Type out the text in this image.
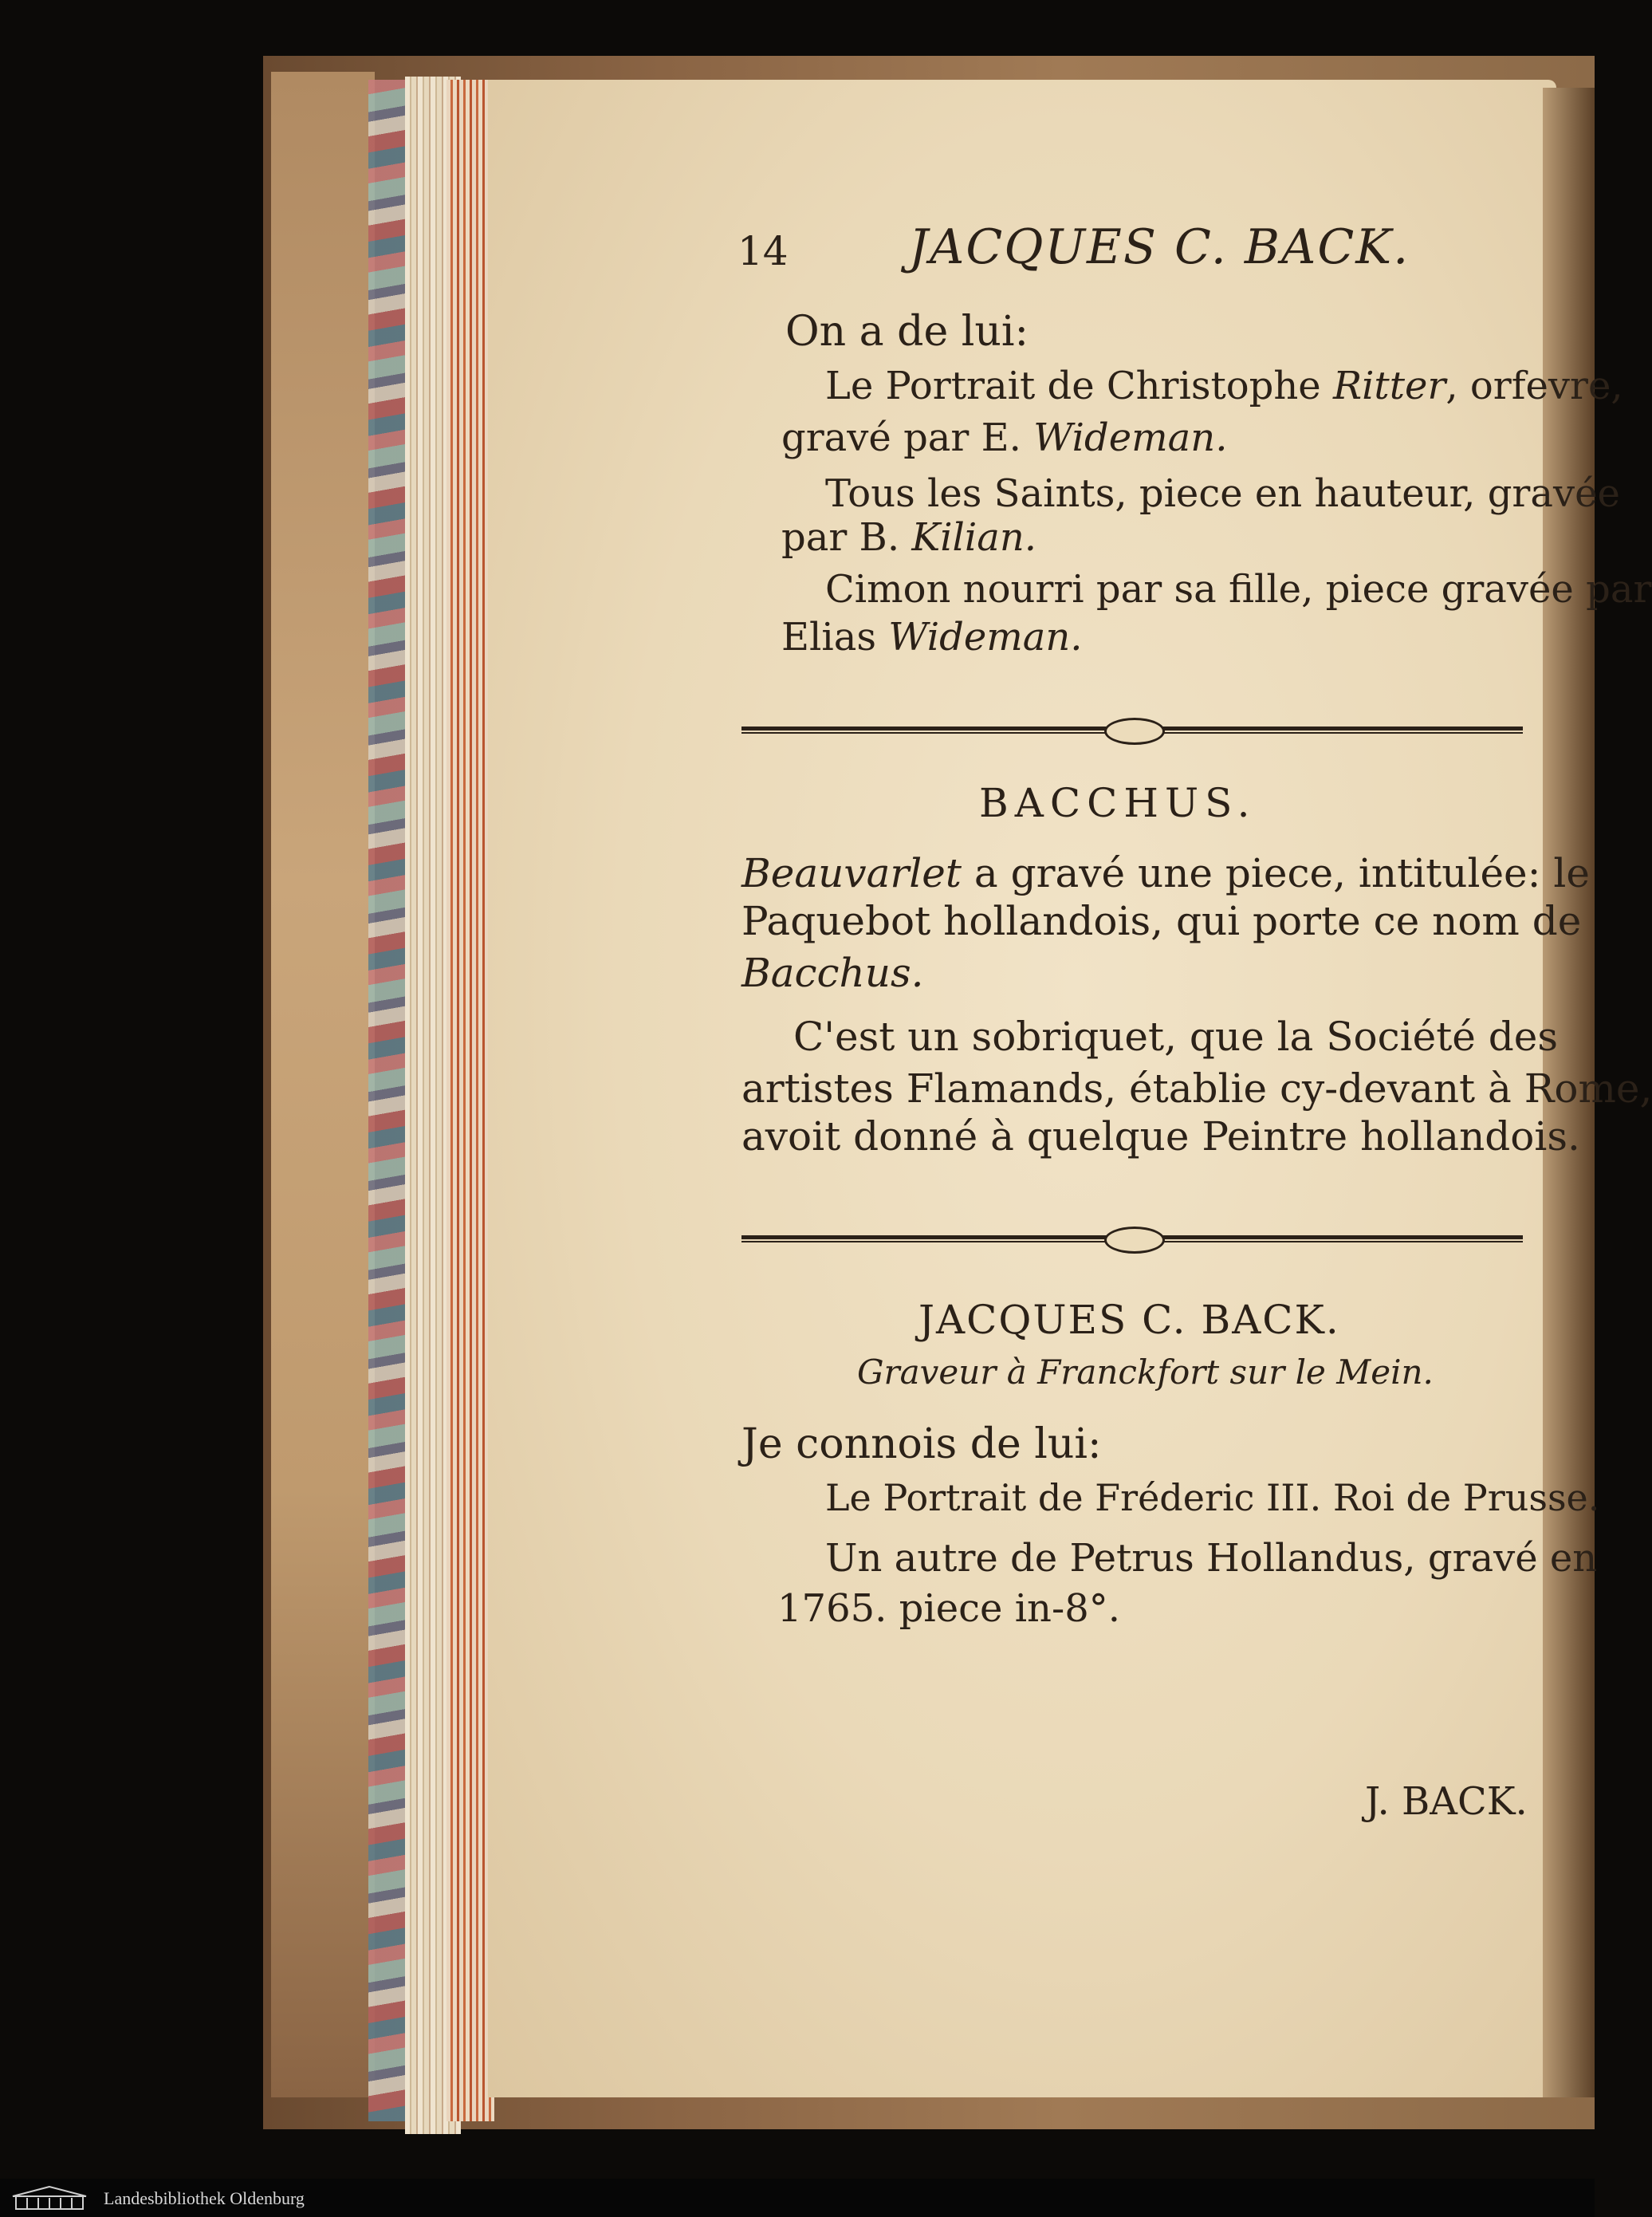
14	JACQUES C. BACK.
On a de lui:
Le Portrait de Christophe Ritter, orfevre,
gravé par E. Wideman.
Tous les Saints, piece en hauteur, gravée
par B. Kilian.
Cimon nourri par sa fille, piece gravée par
Elias Wideman.
BACCHUS.
Beauvarlet a gravé une piece, intitulée: le
Paquebot hollandois, qui porte ce nom de
Bacchus.
C'est un sobriquet, que la Société des
artistes Flamands, établie cy-devant à Rome,
avoit donné à quelque Peintre hollandois.
JACQUES C. BACK.
Graveur à Franckfort sur le Mein.
Je connois de lui:
Le Portrait de Fréderic III. Roi de Prusse.
Un autre de Petrus Hollandus, gravé en
1765. piece in-8°.
J. BACK.
Landesbibliothek Oldenburg
